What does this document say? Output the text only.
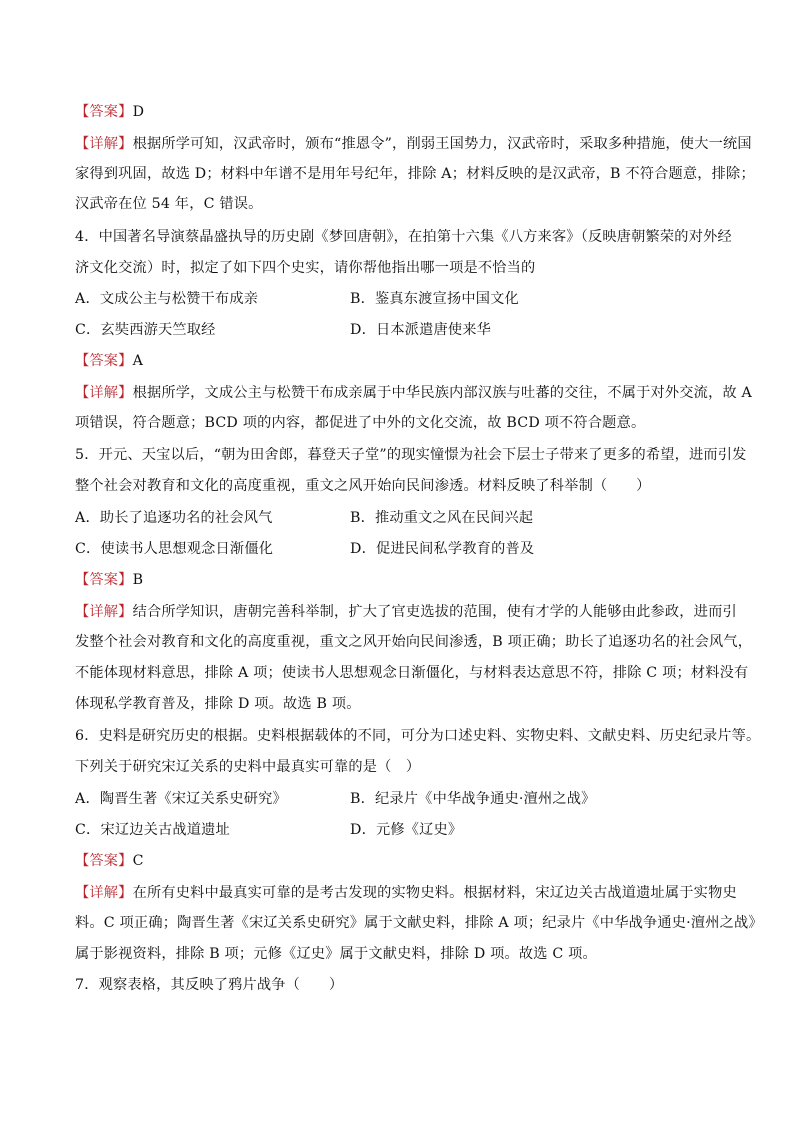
【答案】D
【详解】根据所学可知，汉武帝时，颁布“推恩令”，削弱王国势力，汉武帝时，采取多种措施，使大一统国
家得到巩固，故选 D；材料中年谱不是用年号纪年，排除 A；材料反映的是汉武帝，B 不符合题意，排除；
汉武帝在位 54 年，C 错误。
4．中国著名导演蔡晶盛执导的历史剧《梦回唐朝》，在拍第十六集《八方来客》（反映唐朝繁荣的对外经
济文化交流）时，拟定了如下四个史实，请你帮他指出哪一项是不恰当的
A．文成公主与松赞干布成亲	B．鉴真东渡宣扬中国文化
C．玄奘西游天竺取经	D．日本派遣唐使来华
【答案】A
【详解】根据所学，文成公主与松赞干布成亲属于中华民族内部汉族与吐蕃的交往，不属于对外交流，故 A
项错误，符合题意；BCD 项的内容，都促进了中外的文化交流，故 BCD 项不符合题意。
5．开元、天宝以后，“朝为田舍郎，暮登天子堂”的现实憧憬为社会下层士子带来了更多的希望，进而引发
整个社会对教育和文化的高度重视，重文之风开始向民间渗透。材料反映了科举制（　　）
A．助长了追逐功名的社会风气	B．推动重文之风在民间兴起
C．使读书人思想观念日渐僵化	D．促进民间私学教育的普及
【答案】B
【详解】结合所学知识，唐朝完善科举制，扩大了官吏选拔的范围，使有才学的人能够由此参政，进而引
发整个社会对教育和文化的高度重视，重文之风开始向民间渗透，B 项正确；助长了追逐功名的社会风气，
不能体现材料意思，排除 A 项；使读书人思想观念日渐僵化，与材料表达意思不符，排除 C 项；材料没有
体现私学教育普及，排除 D 项。故选 B 项。
6．史料是研究历史的根据。史料根据载体的不同，可分为口述史料、实物史料、文献史料、历史纪录片等。
下列关于研究宋辽关系的史料中最真实可靠的是（　）
A．陶晋生著《宋辽关系史研究》	B．纪录片《中华战争通史·澶州之战》
C．宋辽边关古战道遗址	D．元修《辽史》
【答案】C
【详解】在所有史料中最真实可靠的是考古发现的实物史料。根据材料，宋辽边关古战道遗址属于实物史
料。C 项正确；陶晋生著《宋辽关系史研究》属于文献史料，排除 A 项；纪录片《中华战争通史·澶州之战》
属于影视资料，排除 B 项；元修《辽史》属于文献史料，排除 D 项。故选 C 项。
7．观察表格，其反映了鸦片战争（　　）
